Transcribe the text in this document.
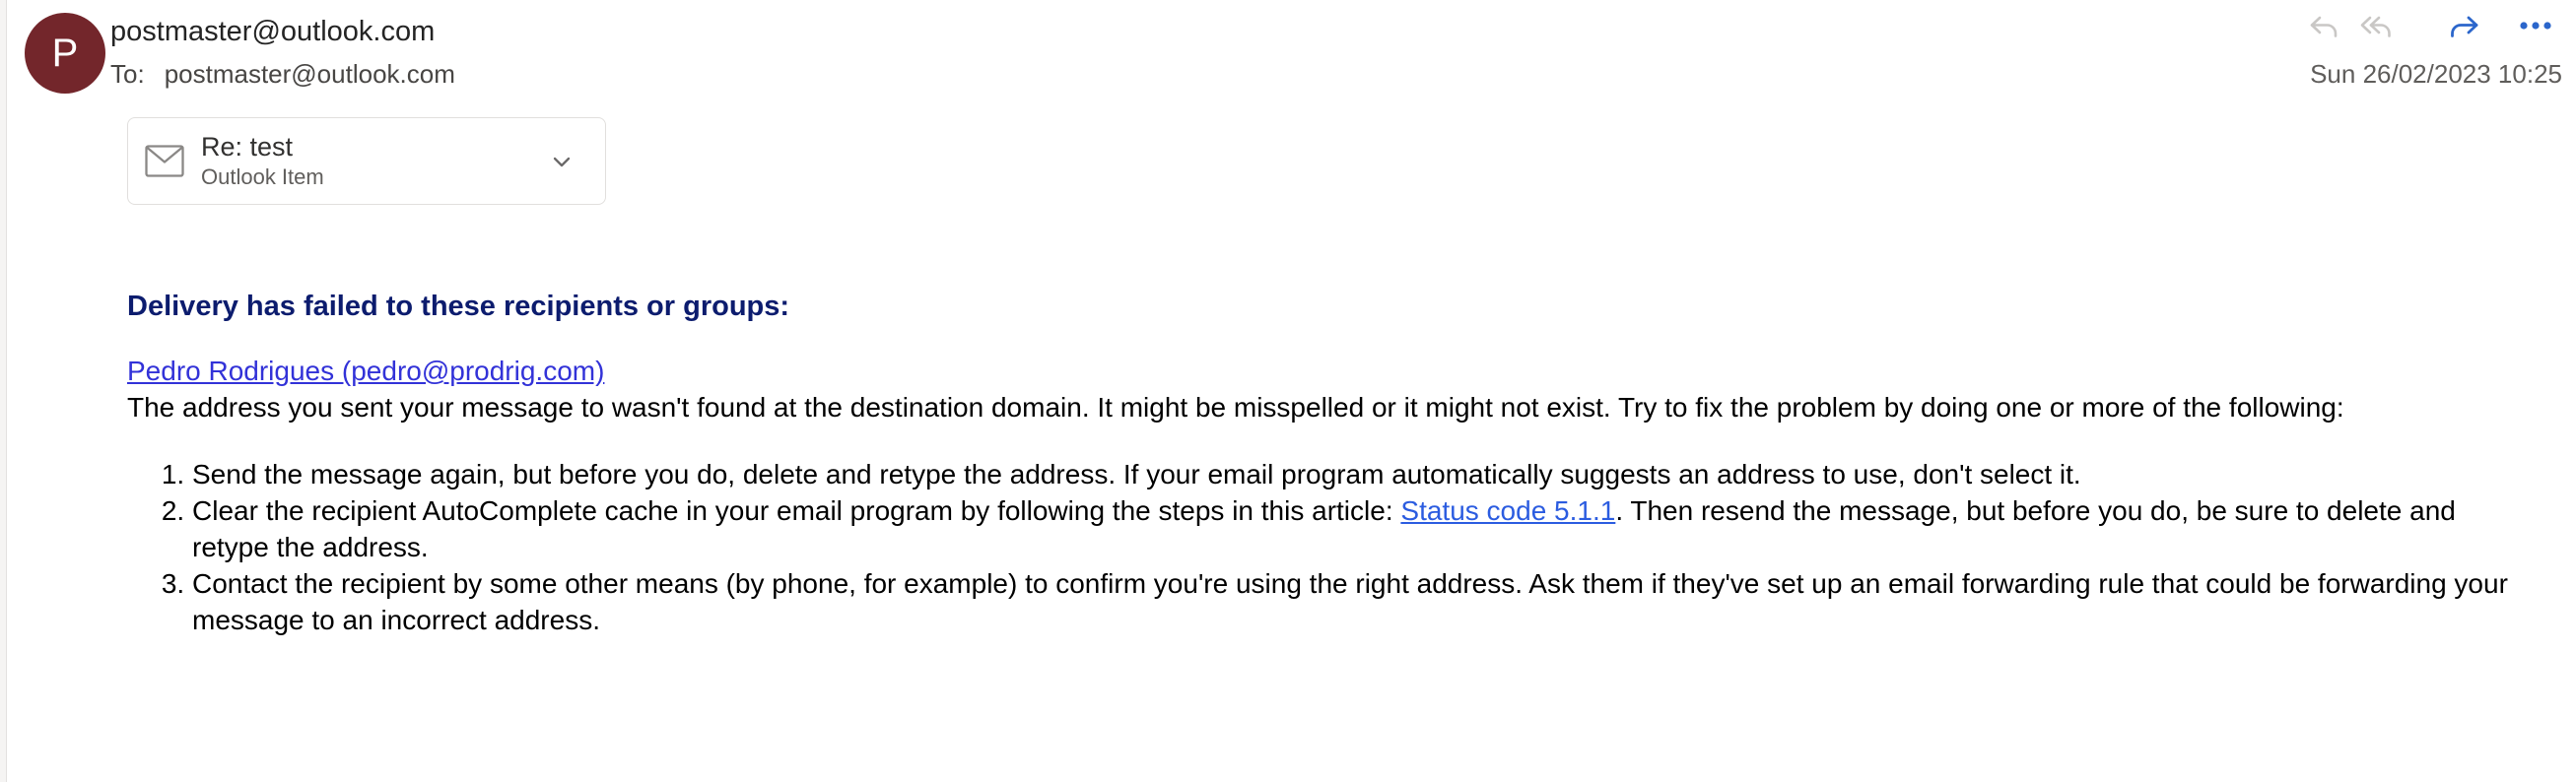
P	postmaster@outlook.com
To: postmaster@outlook.com	Sun 26/02/2023 10:25
Re: test
Outlook Item
Delivery has failed to these recipients or groups:
Pedro Rodrigues (pedro@prodrig.com)

The address you sent your message to wasn't found at the destination domain. It might be misspelled or it might not exist. Try to fix the problem by doing one or more of the following:

1. Send the message again, but before you do, delete and retype the address. If your email program automatically suggests an address to use, don't select it.
2. Clear the recipient AutoComplete cache in your email program by following the steps in this article: Status code 5.1.1. Then resend the message, but before you do, be sure to delete and retype the address.
3. Contact the recipient by some other means (by phone, for example) to confirm you're using the right address. Ask them if they've set up an email forwarding rule that could be forwarding your message to an incorrect address.
